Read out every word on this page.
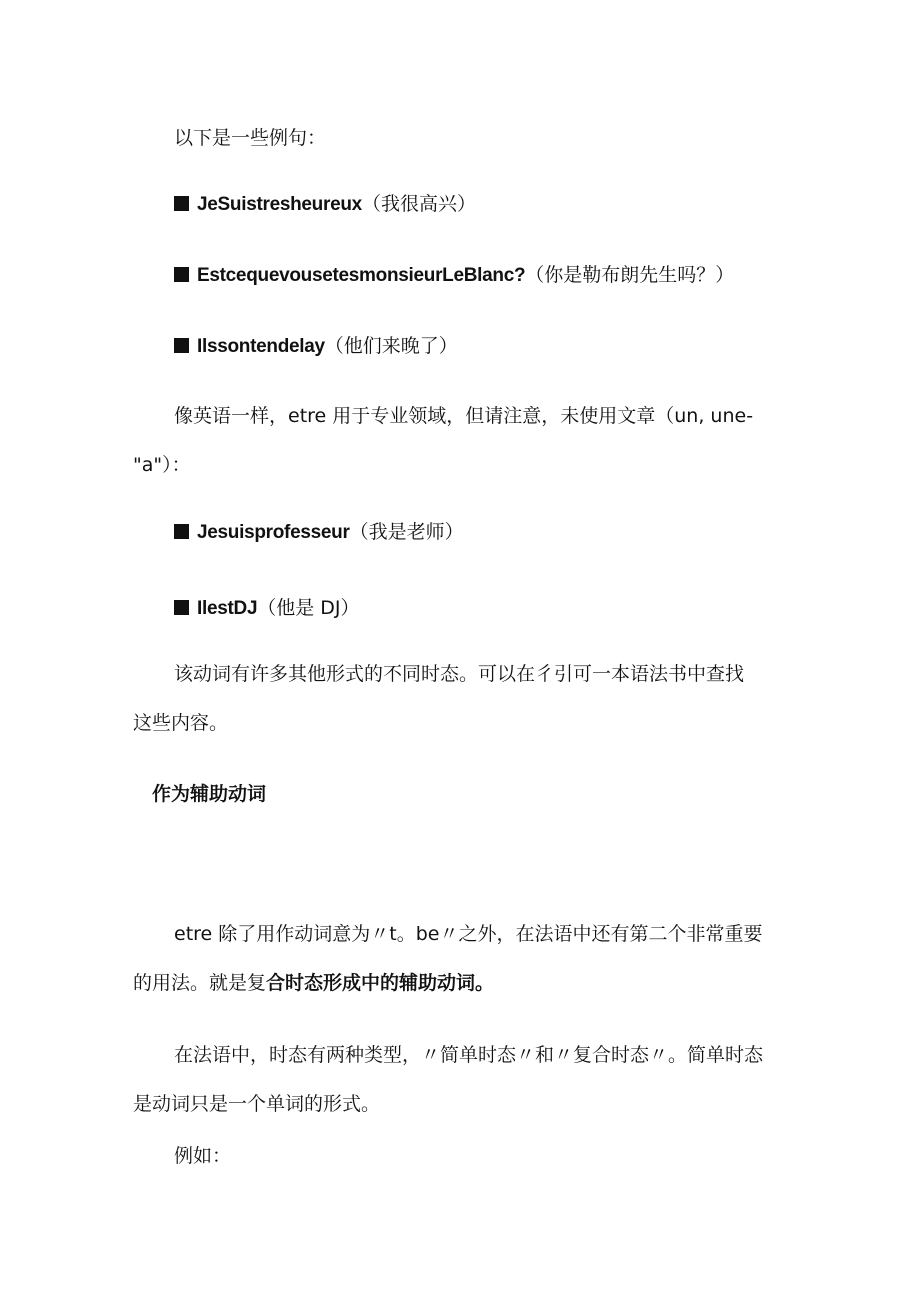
以下是一些例句：
JeSuistresheureux（我很高兴）
EstcequevousetesmonsieurLeBlanc?（你是勒布朗先生吗？）
Ilssontendelay（他们来晚了）
像英语一样，etre 用于专业领域，但请注意，未使用文章（un, une-
"a"）：
Jesuisprofesseur（我是老师）
IlestDJ（他是 DJ）
该动词有许多其他形式的不同时态。可以在彳引可一本语法书中查找
这些内容。
作为辅助动词
etre 除了用作动词意为〃t。be〃之外，在法语中还有第二个非常重要
的用法。就是复合时态形成中的辅助动词。
在法语中，时态有两种类型，〃简单时态〃和〃复合时态〃。简单时态
是动词只是一个单词的形式。
例如：
